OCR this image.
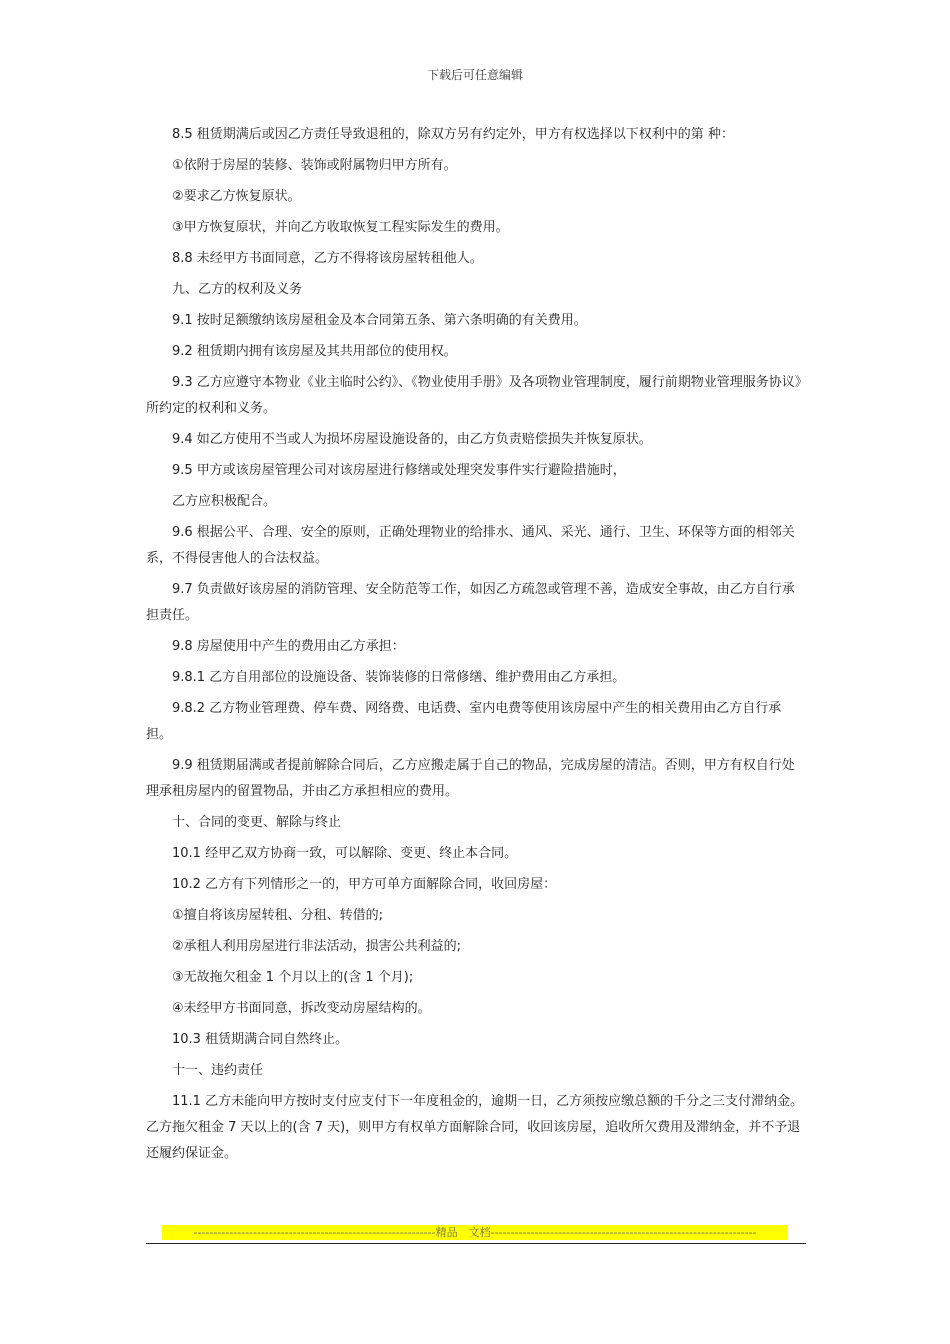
下载后可任意编辑

8.5 租赁期满后或因乙方责任导致退租的，除双方另有约定外，甲方有权选择以下权利中的第 种：

①依附于房屋的装修、装饰或附属物归甲方所有。

②要求乙方恢复原状。

③甲方恢复原状，并向乙方收取恢复工程实际发生的费用。

8.8 未经甲方书面同意，乙方不得将该房屋转租他人。

九、乙方的权利及义务

9.1 按时足额缴纳该房屋租金及本合同第五条、第六条明确的有关费用。

9.2 租赁期内拥有该房屋及其共用部位的使用权。

9.3 乙方应遵守本物业《业主临时公约》、《物业使用手册》及各项物业管理制度，履行前期物业管理服务协议》所约定的权利和义务。

9.4 如乙方使用不当或人为损坏房屋设施设备的，由乙方负责赔偿损失并恢复原状。

9.5 甲方或该房屋管理公司对该房屋进行修缮或处理突发事件实行避险措施时，

乙方应积极配合。

9.6 根据公平、合理、安全的原则，正确处理物业的给排水、通风、采光、通行、卫生、环保等方面的相邻关系，不得侵害他人的合法权益。

9.7 负责做好该房屋的消防管理、安全防范等工作，如因乙方疏忽或管理不善，造成安全事故，由乙方自行承担责任。

9.8 房屋使用中产生的费用由乙方承担：

9.8.1 乙方自用部位的设施设备、装饰装修的日常修缮、维护费用由乙方承担。

9.8.2 乙方物业管理费、停车费、网络费、电话费、室内电费等使用该房屋中产生的相关费用由乙方自行承担。

9.9 租赁期届满或者提前解除合同后，乙方应搬走属于自己的物品，完成房屋的清洁。否则，甲方有权自行处理承租房屋内的留置物品，并由乙方承担相应的费用。

十、合同的变更、解除与终止

10.1 经甲乙双方协商一致，可以解除、变更、终止本合同。

10.2 乙方有下列情形之一的，甲方可单方面解除合同，收回房屋：

①擅自将该房屋转租、分租、转借的;

②承租人利用房屋进行非法活动，损害公共利益的;

③无故拖欠租金 1 个月以上的(含 1 个月);

④未经甲方书面同意，拆改变动房屋结构的。

10.3 租赁期满合同自然终止。

十一、违约责任

11.1 乙方未能向甲方按时支付应支付下一年度租金的，逾期一日，乙方须按应缴总额的千分之三支付滞纳金。乙方拖欠租金 7 天以上的(含 7 天)，则甲方有权单方面解除合同，收回该房屋，追收所欠费用及滞纳金，并不予退还履约保证金。

-------------------------------------------------------------精品　文档-------------------------------------------------------------------
